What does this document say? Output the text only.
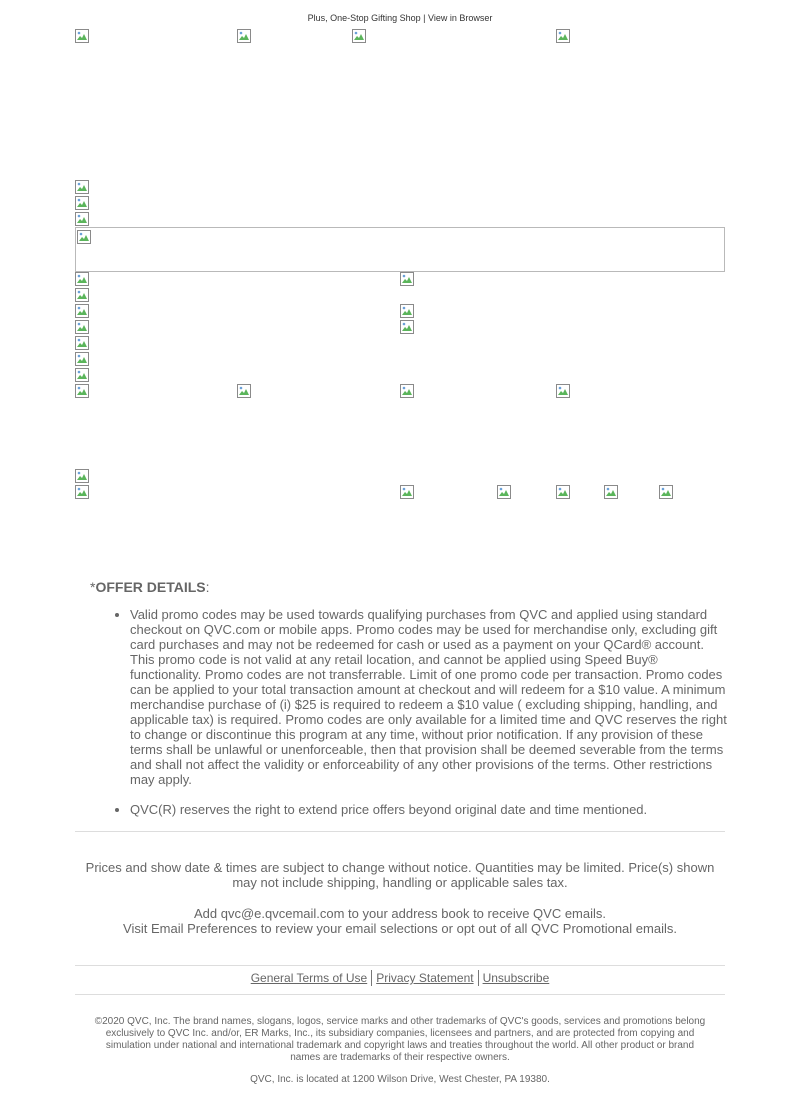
Plus, One-Stop Gifting Shop | View in Browser
*OFFER DETAILS:
• Valid promo codes may be used towards qualifying purchases from QVC and applied using standard checkout on QVC.com or mobile apps. Promo codes may be used for merchandise only, excluding gift card purchases and may not be redeemed for cash or used as a payment on your QCard® account. This promo code is not valid at any retail location, and cannot be applied using Speed Buy® functionality. Promo codes are not transferrable. Limit of one promo code per transaction. Promo codes can be applied to your total transaction amount at checkout and will redeem for a $10 value. A minimum merchandise purchase of (i) $25 is required to redeem a $10 value ( excluding shipping, handling, and applicable tax) is required. Promo codes are only available for a limited time and QVC reserves the right to change or discontinue this program at any time, without prior notification. If any provision of these terms shall be unlawful or unenforceable, then that provision shall be deemed severable from the terms and shall not affect the validity or enforceability of any other provisions of the terms. Other restrictions may apply.
• QVC(R) reserves the right to extend price offers beyond original date and time mentioned.
Prices and show date & times are subject to change without notice. Quantities may be limited. Price(s) shown may not include shipping, handling or applicable sales tax.
Add qvc@e.qvcemail.com to your address book to receive QVC emails.
Visit Email Preferences to review your email selections or opt out of all QVC Promotional emails.
General Terms of Use Privacy Statement Unsubscribe
©2020 QVC, Inc. The brand names, slogans, logos, service marks and other trademarks of QVC's goods, services and promotions belong exclusively to QVC Inc. and/or, ER Marks, Inc., its subsidiary companies, licensees and partners, and are protected from copying and simulation under national and international trademark and copyright laws and treaties throughout the world. All other product or brand names are trademarks of their respective owners.
QVC, Inc. is located at 1200 Wilson Drive, West Chester, PA 19380.
